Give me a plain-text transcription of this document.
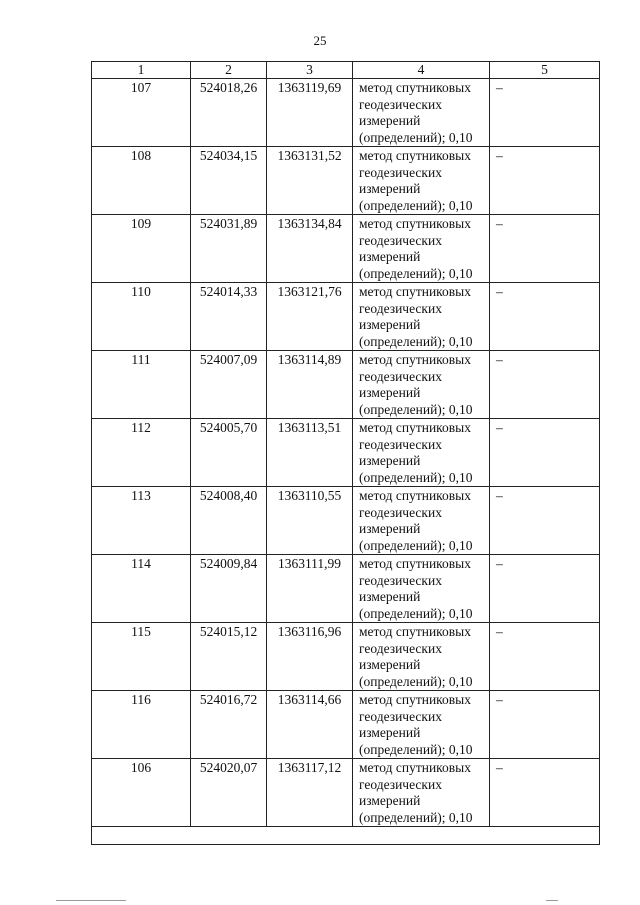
25
1	2	3	4	5
107	524018,26	1363119,69	метод спутниковых
геодезических
измерений
(определений); 0,10	–
108	524034,15	1363131,52	метод спутниковых
геодезических
измерений
(определений); 0,10	–
109	524031,89	1363134,84	метод спутниковых
геодезических
измерений
(определений); 0,10	–
110	524014,33	1363121,76	метод спутниковых
геодезических
измерений
(определений); 0,10	–
111	524007,09	1363114,89	метод спутниковых
геодезических
измерений
(определений); 0,10	–
112	524005,70	1363113,51	метод спутниковых
геодезических
измерений
(определений); 0,10	–
113	524008,40	1363110,55	метод спутниковых
геодезических
измерений
(определений); 0,10	–
114	524009,84	1363111,99	метод спутниковых
геодезических
измерений
(определений); 0,10	–
115	524015,12	1363116,96	метод спутниковых
геодезических
измерений
(определений); 0,10	–
116	524016,72	1363114,66	метод спутниковых
геодезических
измерений
(определений); 0,10	–
106	524020,07	1363117,12	метод спутниковых
геодезических
измерений
(определений); 0,10	–
